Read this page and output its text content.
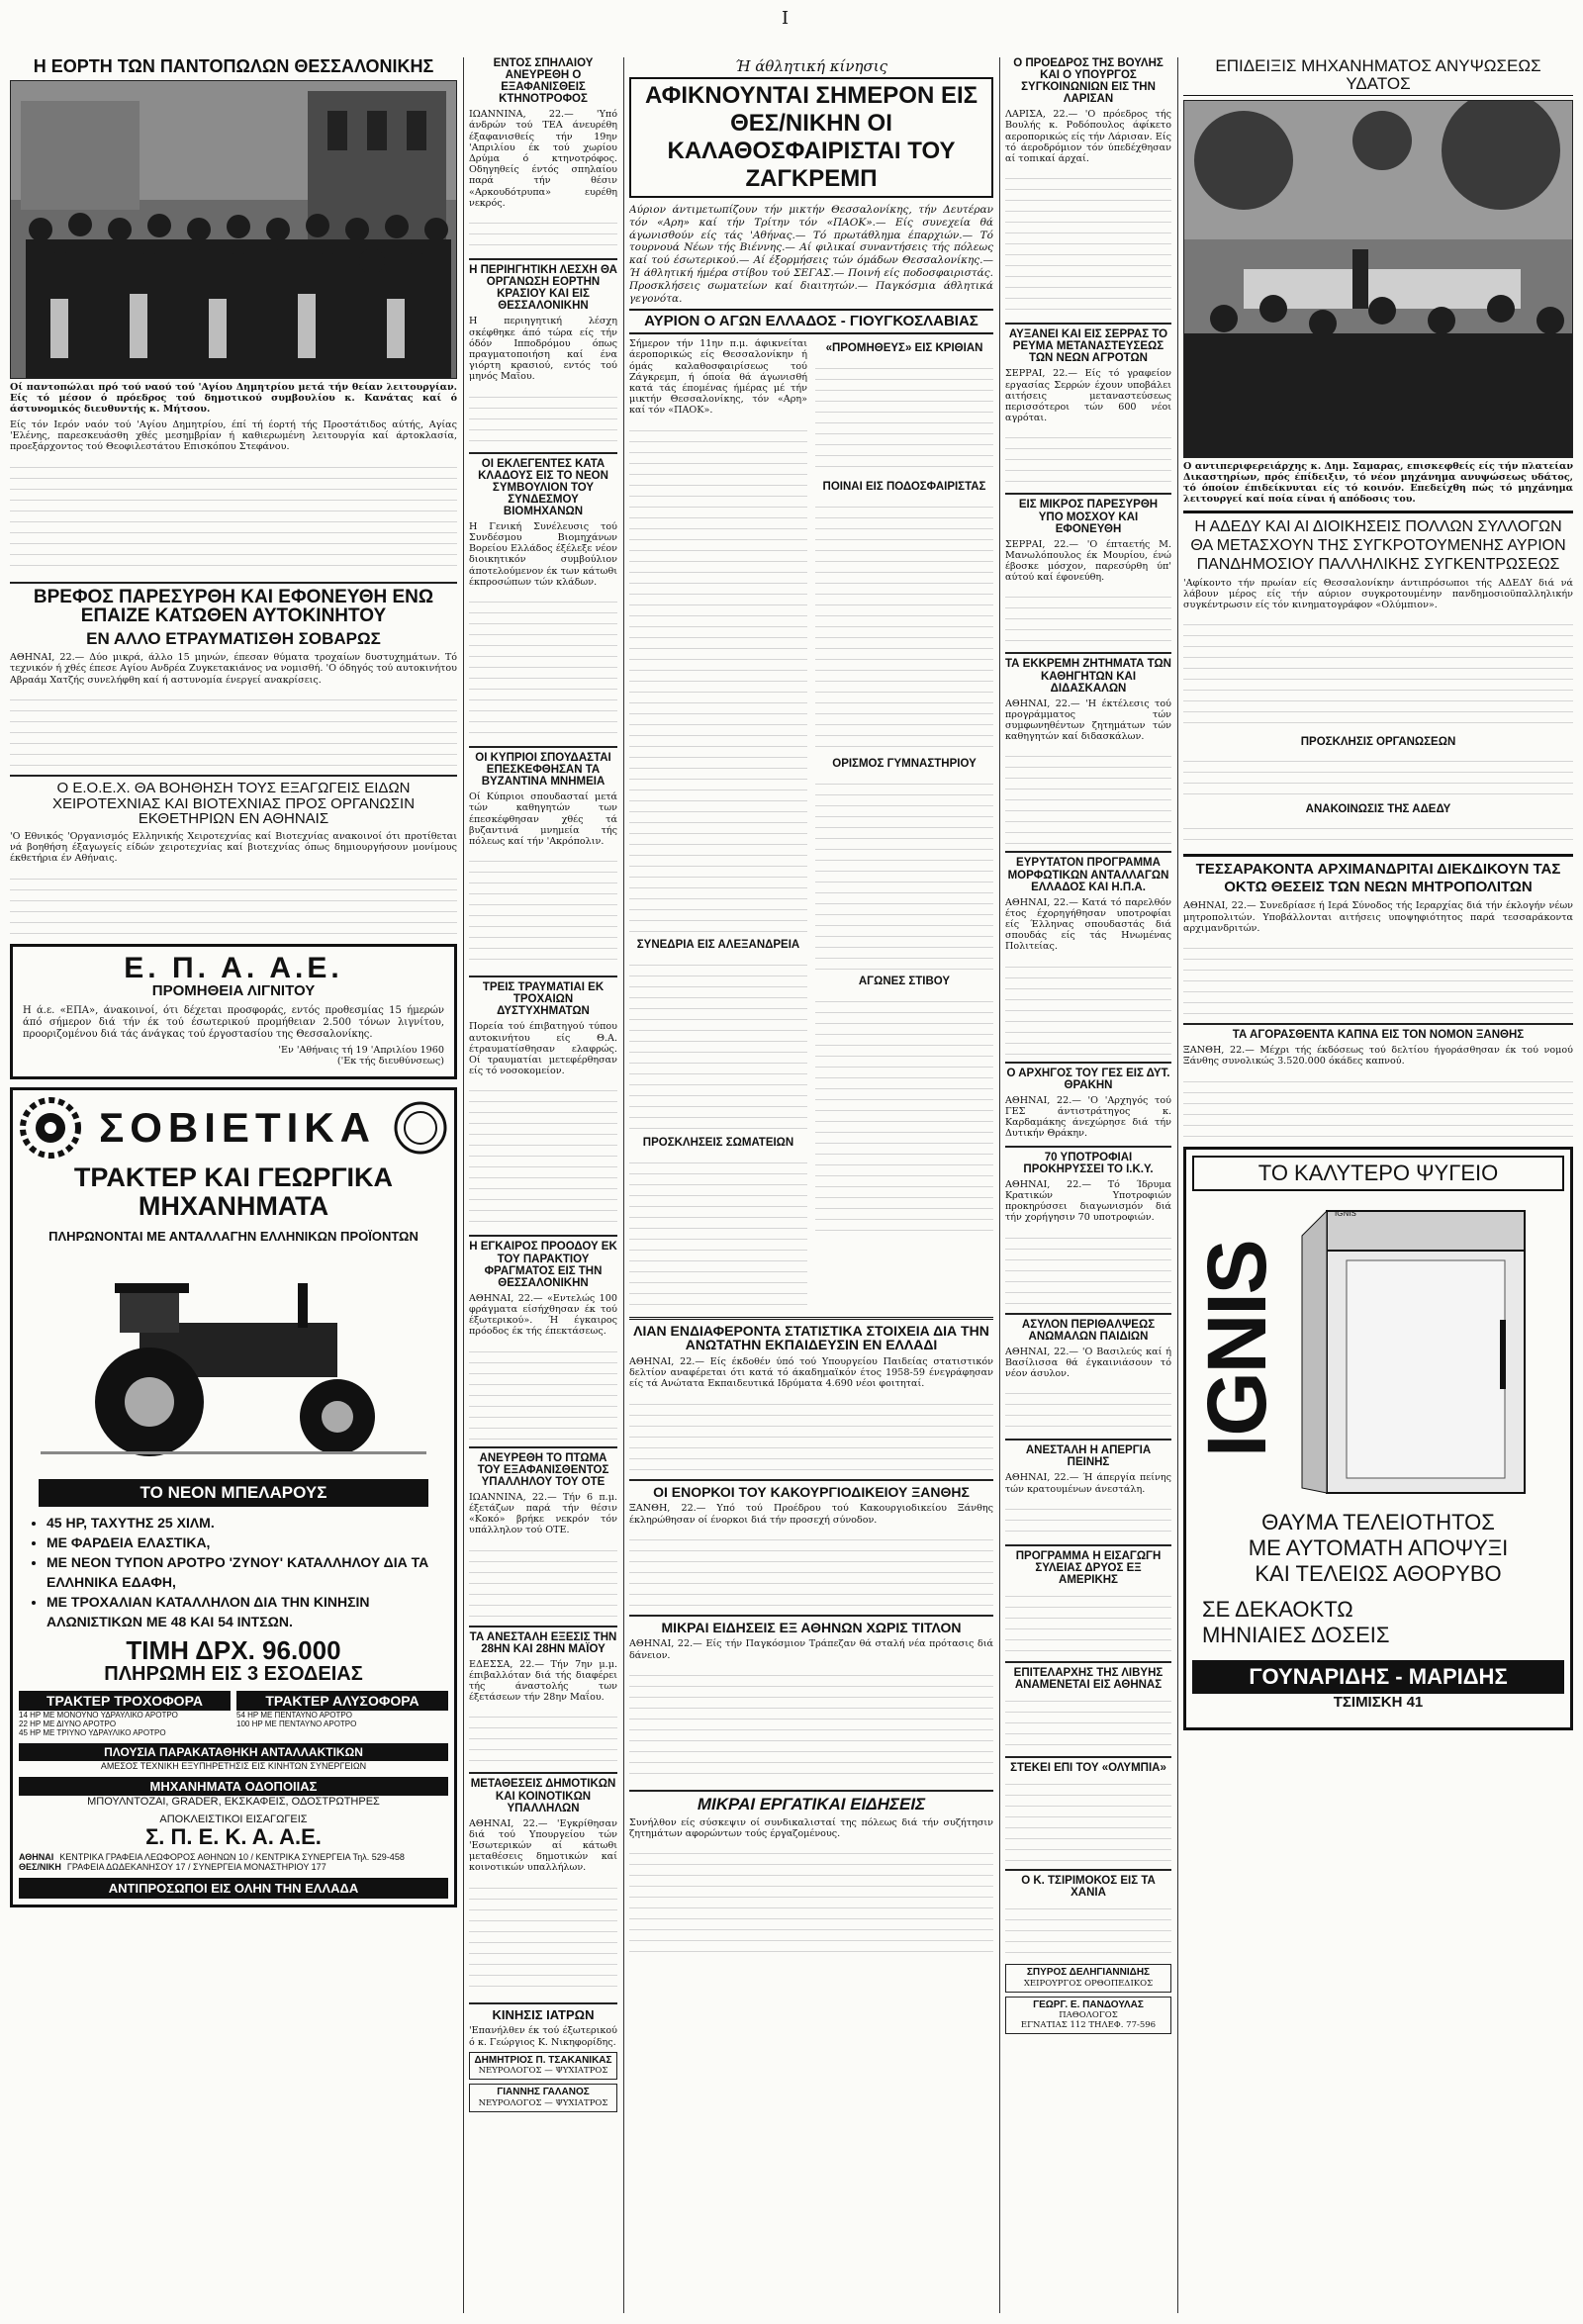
I
Η ΕΟΡΤΗ ΤΩΝ ΠΑΝΤΟΠΩΛΩΝ ΘΕΣΣΑΛΟΝΙΚΗΣ
Οί παντοπώλαι πρό τού ναού τού 'Αγίου Δημητρίου μετά τήν θείαν λειτουργίαν. Είς τό μέσον ό πρόεδρος τού δημοτικού συμβουλίου κ. Κανάτας καί ό άστυνομικός διευθυντής κ. Μήτσου.

Είς τόν Ιερόν ναόν τού 'Αγίου Δημητρίου, έπί τή έορτή τής Προστάτιδος αύτής, Αγίας 'Ελένης, παρεσκευάσθη χθές μεσημβρίαν ή καθιερωμένη λειτουργία καί άρτοκλασία, προεξάρχοντος τού Θεοφιλεστάτου Επισκόπου Στεφάνου.

ΒΡΕΦΟΣ ΠΑΡΕΣΥΡΘΗ ΚΑΙ ΕΦΟΝΕΥΘΗ ΕΝΩ ΕΠΑΙΖΕ ΚΑΤΩΘΕΝ ΑΥΤΟΚΙΝΗΤΟΥ
ΕΝ ΑΛΛΟ ΕΤΡΑΥΜΑΤΙΣΘΗ ΣΟΒΑΡΩΣ

ΑΘΗΝΑΙ, 22.— Δύο μικρά, άλλο 15 μηνών, έπεσαν θύματα τροχαίων δυστυχημάτων. Τό τεχνικόν ή χθές έπεσε Αγίου Ανδρέα Ζυγκετακιάνος να νομισθή. 'Ο όδηγός τού αυτοκινήτου Αβραάμ Χατζής συνελήφθη καί ή αστυνομία ένεργεί ανακρίσεις.

Ο Ε.Ο.Ε.Χ. ΘΑ ΒΟΗΘΗΣΗ ΤΟΥΣ ΕΞΑΓΩΓΕΙΣ ΕΙΔΩΝ ΧΕΙΡΟΤΕΧΝΙΑΣ ΚΑΙ ΒΙΟΤΕΧΝΙΑΣ ΠΡΟΣ ΟΡΓΑΝΩΣΙΝ ΕΚΘΕΤΗΡΙΩΝ ΕΝ ΑΘΗΝΑΙΣ

'Ο Εθνικός 'Οργανισμός Ελληνικής Χειροτεχνίας καί Βιοτεχνίας ανακοινοί ότι προτίθεται νά βοηθήση έξαγωγείς είδών χειροτεχνίας καί βιοτεχνίας όπως δημιουργήσουν μονίμους έκθετήρια έν Αθήναις.

Ε. Π. Α. Α.Ε.
ΠΡΟΜΗΘΕΙΑ ΛΙΓΝΙΤΟΥ

Η ά.ε. «ΕΠΑ», άνακοινοί, ότι δέχεται προσφοράς, εντός προθεσμίας 15 ήμερών άπό σήμερον διά τήν έκ τού έσωτερικού προμήθειαν 2.500 τόνων λιγνίτου, προοριζομένου διά τάς άνάγκας τού έργοστασίου της Θεσσαλονίκης.

'Εν 'Αθήναις τή 19 'Απριλίου 1960

('Εκ τής διευθύνσεως)

ΣΟΒΙΕΤΙΚΑ
ΤΡΑΚΤΕΡ ΚΑΙ ΓΕΩΡΓΙΚΑ ΜΗΧΑΝΗΜΑΤΑ
ΠΛΗΡΩΝΟΝΤΑΙ ΜΕ ΑΝΤΑΛΛΑΓΗΝ ΕΛΛΗΝΙΚΩΝ ΠΡΟΪΟΝΤΩΝ
ΤΟ ΝΕΟΝ ΜΠΕΛΑΡΟΥΣ
• 45 ΗΡ, ΤΑΧΥΤΗΣ 25 ΧΙΛΜ.
• ΜΕ ΦΑΡΔΕΙΑ ΕΛΑΣΤΙΚΑ,
• ΜΕ ΝΕΟΝ ΤΥΠΟΝ ΑΡΟΤΡΟ 'ΖΥΝΟΥ' ΚΑΤΑΛΛΗΛΟΥ ΔΙΑ ΤΑ ΕΛΛΗΝΙΚΑ ΕΔΑΦΗ,
• ΜΕ ΤΡΟΧΑΛΙΑΝ ΚΑΤΑΛΛΗΛΟΝ ΔΙΑ ΤΗΝ ΚΙΝΗΣΙΝ ΑΛΩΝΙΣΤΙΚΩΝ ΜΕ 48 ΚΑΙ 54 ΙΝΤΣΩΝ.
ΤΙΜΗ ΔΡΧ. 96.000
ΠΛΗΡΩΜΗ ΕΙΣ 3 ΕΣΟΔΕΙΑΣ
ΤΡΑΚΤΕΡ ΤΡΟΧΟΦΟΡΑ
14 ΗΡ ΜΕ ΜΟΝΟΥΝΟ ΥΔΡΑΥΛΙΚΟ ΑΡΟΤΡΟ
22 ΗΡ ΜΕ ΔΙΥΝΟ ΑΡΟΤΡΟ
45 ΗΡ ΜΕ ΤΡΙΥΝΟ ΥΔΡΑΥΛΙΚΟ ΑΡΟΤΡΟ
ΤΡΑΚΤΕΡ ΑΛΥΣΟΦΟΡΑ
54 ΗΡ ΜΕ ΠΕΝΤΑΥΝΟ ΑΡΟΤΡΟ
100 ΗΡ ΜΕ ΠΕΝΤΑΥΝΟ ΑΡΟΤΡΟ
ΠΛΟΥΣΙΑ ΠΑΡΑΚΑΤΑΘΗΚΗ ΑΝΤΑΛΛΑΚΤΙΚΩΝ
ΑΜΕΣΟΣ ΤΕΧΝΙΚΗ ΕΞΥΠΗΡΕΤΗΣΙΣ ΕΙΣ ΚΙΝΗΤΩΝ ΣΥΝΕΡΓΕΙΩΝ
ΜΗΧΑΝΗΜΑΤΑ ΟΔΟΠΟΙΙΑΣ
ΜΠΟΥΛΝΤΟΖΑΙ, GRADER, ΕΚΣΚΑΦΕΙΣ, ΟΔΟΣΤΡΩΤΗΡΕΣ
ΑΠΟΚΛΕΙΣΤΙΚΟΙ ΕΙΣΑΓΩΓΕΙΣ
Σ. Π. Ε. Κ. Α. Α.Ε.
ΑΘΗΝΑΙ ΚΕΝΤΡΙΚΑ ΓΡΑΦΕΙΑ ΛΕΩΦΟΡΟΣ ΑΘΗΝΩΝ 10 / ΚΕΝΤΡΙΚΑ ΣΥΝΕΡΓΕΙΑ Τηλ. 529-458
ΘΕΣ/ΝΙΚΗ ΓΡΑΦΕΙΑ ΔΩΔΕΚΑΝΗΣΟΥ 17 / ΣΥΝΕΡΓΕΙΑ ΜΟΝΑΣΤΗΡΙΟΥ 177
ΑΝΤΙΠΡΟΣΩΠΟΙ ΕΙΣ ΟΛΗΝ ΤΗΝ ΕΛΛΑΔΑ
ΕΝΤΟΣ ΣΠΗΛΑΙΟΥ ΑΝΕΥΡΕΘΗ Ο ΕΞΑΦΑΝΙΣΘΕΙΣ ΚΤΗΝΟΤΡΟΦΟΣ

ΙΩΑΝΝΙΝΑ, 22.— 'Υπό άνδρών τού ΤΕΑ άνευρέθη έξαφανισθείς τήν 19ην 'Απριλίου έκ τού χωρίου Δρύμα ό κτηνοτρόφος. Οδηγηθείς έντός σπηλαίου παρά τήν θέσιν «Αρκουδότρυπα» ευρέθη νεκρός.

Η ΠΕΡΙΗΓΗΤΙΚΗ ΛΕΣΧΗ ΘΑ ΟΡΓΑΝΩΣΗ ΕΟΡΤΗΝ ΚΡΑΣΙΟΥ ΚΑΙ ΕΙΣ ΘΕΣΣΑΛΟΝΙΚΗΝ

Η περιηγητική λέσχη σκέφθηκε άπό τώρα είς τήν όδόν Ιπποδρόμου όπως πραγματοποιήση καί ένα γιόρτη κρασιού, εντός τού μηνός Μαΐου.

ΟΙ ΕΚΛΕΓΕΝΤΕΣ ΚΑΤΑ ΚΛΑΔΟΥΣ ΕΙΣ ΤΟ ΝΕΟΝ ΣΥΜΒΟΥΛΙΟΝ ΤΟΥ ΣΥΝΔΕΣΜΟΥ ΒΙΟΜΗΧΑΝΩΝ

Η Γενική Συνέλευσις τού Συνδέσμου Βιομηχάνων Βορείου Ελλάδος έξέλεξε νέον διοικητικόν συμβούλιον άποτελούμενον έκ των κάτωθι έκπροσώπων τών κλάδων.

ΟΙ ΚΥΠΡΙΟΙ ΣΠΟΥΔΑΣΤΑΙ ΕΠΕΣΚΕΦΘΗΣΑΝ ΤΑ ΒΥΖΑΝΤΙΝΑ ΜΝΗΜΕΙΑ

Οί Κύπριοι σπουδασταί μετά τών καθηγητών των έπεσκέφθησαν χθές τά βυζαντινά μνημεία τής πόλεως καί τήν 'Ακρόπολιν.

ΤΡΕΙΣ ΤΡΑΥΜΑΤΙΑΙ ΕΚ ΤΡΟΧΑΙΩΝ ΔΥΣΤΥΧΗΜΑΤΩΝ

Πορεία τού έπιβατηγού τύπου αυτοκινήτου είς Θ.Α. έτραυματίσθησαν ελαφρώς. Οί τραυματίαι μετεφέρθησαν είς τό νοσοκομείον.

Η ΕΓΚΑΙΡΟΣ ΠΡΟΟΔΟΥ ΕΚ ΤΟΥ ΠΑΡΑΚΤΙΟΥ ΦΡΑΓΜΑΤΟΣ ΕΙΣ ΤΗΝ ΘΕΣΣΑΛΟΝΙΚΗΝ

ΑΘΗΝΑΙ, 22.— «Εντελώς 100 φράγματα είσήχθησαν έκ τού έξωτερικού». Ή έγκαιρος πρόοδος έκ τής έπεκτάσεως.

ΑΝΕΥΡΕΘΗ ΤΟ ΠΤΩΜΑ ΤΟΥ ΕΞΑΦΑΝΙΣΘΕΝΤΟΣ ΥΠΑΛΛΗΛΟΥ ΤΟΥ ΟΤΕ

ΙΩΑΝΝΙΝΑ, 22.— Τήν 6 π.μ. έξετάζων παρά τήν θέσιν «Κοκό» βρήκε νεκρόν τόν υπάλληλον τού ΟΤΕ.

ΤΑ ΑΝΕΣΤΑΛΗ ΕΞΕΣΙΣ ΤΗΝ 28ΗΝ ΚΑΙ 28ΗΝ ΜΑΪΟΥ

ΕΔΕΣΣΑ, 22.— Τήν 7ην μ.μ. έπιβαλλόταν διά τής διαφέρει τής άναστολής των έξετάσεων τήν 28ην Μαΐου.

ΜΕΤΑΘΕΣΕΙΣ ΔΗΜΟΤΙΚΩΝ ΚΑΙ ΚΟΙΝΟΤΙΚΩΝ ΥΠΑΛΛΗΛΩΝ

ΑΘΗΝΑΙ, 22.— 'Εγκρίθησαν διά τού Υπουργείου τών 'Εσωτερικών αί κάτωθι μεταθέσεις δημοτικών καί κοινοτικών υπαλλήλων.

ΚΙΝΗΣΙΣ ΙΑΤΡΩΝ

'Επανήλθεν έκ τού έξωτερικού ό κ. Γεώργιος Κ. Νικηφορίδης.

ΔΗΜΗΤΡΙΟΣ Π. ΤΣΑΚΑΝΙΚΑΣ
ΝΕΥΡΟΛΟΓΟΣ — ΨΥΧΙΑΤΡΟΣ
ΓΙΑΝΝΗΣ ΓΑΛΑΝΟΣ
ΝΕΥΡΟΛΟΓΟΣ — ΨΥΧΙΑΤΡΟΣ
Ή άθλητική κίνησις
ΑΦΙΚΝΟΥΝΤΑΙ ΣΗΜΕΡΟΝ ΕΙΣ ΘΕΣ/ΝΙΚΗΝ ΟΙ ΚΑΛΑΘΟΣΦΑΙΡΙΣΤΑΙ ΤΟΥ ΖΑΓΚΡΕΜΠ

Αύριον άντιμετωπίζουν τήν μικτήν Θεσσαλονίκης, τήν Δευτέραν τόν «Αρη» καί τήν Τρίτην τόν «ΠΑΟΚ».— Είς συνεχεία θά άγωνισθούν είς τάς 'Αθήνας.— Τό πρωτάθλημα έπαρχιών.— Τό τουρνουά Νέων τής Βιέννης.— Αί φιλικαί συναντήσεις τής πόλεως καί τού έσωτερικού.— Αί έξορμήσεις τών όμάδων Θεσσαλονίκης.— Ή άθλητική ήμέρα στίβου τού ΣΕΓΑΣ.— Ποινή είς ποδοσφαιριστάς. Προσκλήσεις σωματείων καί διαιτητών.— Παγκόσμια άθλητικά γεγονότα.

ΑΥΡΙΟΝ Ο ΑΓΩΝ ΕΛΛΑΔΟΣ - ΓΙΟΥΓΚΟΣΛΑΒΙΑΣ

Σήμερον τήν 11ην π.μ. άφικνείται άεροπορικώς είς Θεσσαλονίκην ή όμάς καλαθοσφαιρίσεως τού Ζάγκρεμπ, ή όποία θά άγωνισθή κατά τάς έπομένας ήμέρας μέ τήν μικτήν Θεσσαλονίκης, τόν «Αρη» καί τόν «ΠΑΟΚ».

ΣΥΝΕΔΡΙΑ ΕΙΣ ΑΛΕΞΑΝΔΡΕΙΑ
ΠΡΟΣΚΛΗΣΕΙΣ ΣΩΜΑΤΕΙΩΝ
«ΠΡΟΜΗΘΕΥΣ» ΕΙΣ ΚΡΙΘΙΑΝ
ΠΟΙΝΑΙ ΕΙΣ ΠΟΔΟΣΦΑΙΡΙΣΤΑΣ
ΟΡΙΣΜΟΣ ΓΥΜΝΑΣΤΗΡΙΟΥ
ΑΓΩΝΕΣ ΣΤΙΒΟΥ
ΛΙΑΝ ΕΝΔΙΑΦΕΡΟΝΤΑ ΣΤΑΤΙΣΤΙΚΑ ΣΤΟΙΧΕΙΑ ΔΙΑ ΤΗΝ ΑΝΩΤΑΤΗΝ ΕΚΠΑΙΔΕΥΣΙΝ ΕΝ ΕΛΛΑΔΙ

ΑΘΗΝΑΙ, 22.— Είς έκδοθέν ύπό τού Υπουργείου Παιδείας στατιστικόν δελτίον αναφέρεται ότι κατά τό άκαδημαϊκόν έτος 1958-59 ένεγράφησαν είς τά Ανώτατα Εκπαιδευτικά Ιδρύματα 4.690 νέοι φοιτηταί.

ΟΙ ΕΝΟΡΚΟΙ ΤΟΥ ΚΑΚΟΥΡΓΙΟΔΙΚΕΙΟΥ ΞΑΝΘΗΣ

ΞΑΝΘΗ, 22.— Υπό τού Προέδρου τού Κακουργιοδικείου Ξάνθης έκληρώθησαν οί ένορκοι διά τήν προσεχή σύνοδον.

ΜΙΚΡΑΙ ΕΙΔΗΣΕΙΣ ΕΞ ΑΘΗΝΩΝ ΧΩΡΙΣ ΤΙΤΛΟΝ

ΑΘΗΝΑΙ, 22.— Είς τήν Παγκόσμιον Τράπεζαν θά σταλή νέα πρότασις διά δάνειον.

ΜΙΚΡΑΙ ΕΡΓΑΤΙΚΑΙ ΕΙΔΗΣΕΙΣ

Συνήλθον είς σύσκεψιν οί συνδικαλισταί της πόλεως διά τήν συζήτησιν ζητημάτων αφορώντων τούς έργαζομένους.

Ο ΠΡΟΕΔΡΟΣ ΤΗΣ ΒΟΥΛΗΣ ΚΑΙ Ο ΥΠΟΥΡΓΟΣ ΣΥΓΚΟΙΝΩΝΙΩΝ ΕΙΣ ΤΗΝ ΛΑΡΙΣΑΝ

ΛΑΡΙΣΑ, 22.— 'Ο πρόεδρος τής Βουλής κ. Ροδόπουλος άφίκετο αεροπορικώς είς τήν Λάρισαν. Είς τό άεροδρόμιον τόν ύπεδέχθησαν αί τοπικαί άρχαί.

ΑΥΞΑΝΕΙ ΚΑΙ ΕΙΣ ΣΕΡΡΑΣ ΤΟ ΡΕΥΜΑ ΜΕΤΑΝΑΣΤΕΥΣΕΩΣ ΤΩΝ ΝΕΩΝ ΑΓΡΟΤΩΝ

ΣΕΡΡΑΙ, 22.— Είς τό γραφείον εργασίας Σερρών έχουν υποβάλει αιτήσεις μεταναστεύσεως περισσότεροι τών 600 νέοι αγρόται.

ΕΙΣ ΜΙΚΡΟΣ ΠΑΡΕΣΥΡΘΗ ΥΠΟ ΜΟΣΧΟΥ ΚΑΙ ΕΦΟΝΕΥΘΗ

ΣΕΡΡΑΙ, 22.— 'Ο έπταετής Μ. Μανωλόπουλος έκ Μουρίου, ένώ έβοσκε μόσχον, παρεσύρθη ύπ' αύτού καί έφονεύθη.

ΤΑ ΕΚΚΡΕΜΗ ΖΗΤΗΜΑΤΑ ΤΩΝ ΚΑΘΗΓΗΤΩΝ ΚΑΙ ΔΙΔΑΣΚΑΛΩΝ

ΑΘΗΝΑΙ, 22.— 'Η έκτέλεσις τού προγράμματος τών συμφωνηθέντων ζητημάτων τών καθηγητών καί διδασκάλων.

ΕΥΡΥΤΑΤΟΝ ΠΡΟΓΡΑΜΜΑ ΜΟΡΦΩΤΙΚΩΝ ΑΝΤΑΛΛΑΓΩΝ ΕΛΛΑΔΟΣ ΚΑΙ Η.Π.Α.

ΑΘΗΝΑΙ, 22.— Κατά τό παρελθόν έτος έχορηγήθησαν υποτροφίαι είς Έλληνας σπουδαστάς διά σπουδάς είς τάς Ηνωμένας Πολιτείας.

Ο ΑΡΧΗΓΟΣ ΤΟΥ ΓΕΣ ΕΙΣ ΔΥΤ. ΘΡΑΚΗΝ

ΑΘΗΝΑΙ, 22.— 'Ο 'Αρχηγός τού ΓΕΣ άντιστράτηγος κ. Καρδαμάκης άνεχώρησε διά τήν Δυτικήν Θράκην.

70 ΥΠΟΤΡΟΦΙΑΙ ΠΡΟΚΗΡΥΣΣΕΙ ΤΟ Ι.Κ.Υ.

ΑΘΗΝΑΙ, 22.— Τό Ίδρυμα Κρατικών Υποτροφιών προκηρύσσει διαγωνισμόν διά τήν χορήγησιν 70 υποτροφιών.

ΑΣΥΛΟΝ ΠΕΡΙΘΑΛΨΕΩΣ ΑΝΩΜΑΛΩΝ ΠΑΙΔΙΩΝ

ΑΘΗΝΑΙ, 22.— 'Ο Βασιλεύς καί ή Βασίλισσα θά έγκαινιάσουν τό νέον άσυλον.

ΑΝΕΣΤΑΛΗ Η ΑΠΕΡΓΙΑ ΠΕΙΝΗΣ

ΑΘΗΝΑΙ, 22.— Ή άπεργία πείνης τών κρατουμένων άνεστάλη.

ΠΡΟΓΡΑΜΜΑ Η ΕΙΣΑΓΩΓΗ ΣΥΛΕΙΑΣ ΔΡΥΟΣ ΕΞ ΑΜΕΡΙΚΗΣ
ΕΠΙΤΕΛΑΡΧΗΣ ΤΗΣ ΛΙΒΥΗΣ ΑΝΑΜΕΝΕΤΑΙ ΕΙΣ ΑΘΗΝΑΣ
ΣΤΕΚΕΙ ΕΠΙ ΤΟΥ «ΟΛΥΜΠΙΑ»
Ο Κ. ΤΣΙΡΙΜΟΚΟΣ ΕΙΣ ΤΑ ΧΑΝΙΑ
ΣΠΥΡΟΣ ΔΕΛΗΓΙΑΝΝΙΔΗΣ
ΧΕΙΡΟΥΡΓΟΣ ΟΡΘΟΠΕΔΙΚΟΣ
ΓΕΩΡΓ. Ε. ΠΑΝΔΟΥΛΑΣ
ΠΑΘΟΛΟΓΟΣ
ΕΓΝΑΤΙΑΣ 112 ΤΗΛΕΦ. 77-596
ΕΠΙΔΕΙΞΙΣ ΜΗΧΑΝΗΜΑΤΟΣ ΑΝΥΨΩΣΕΩΣ ΥΔΑΤΟΣ
Ο αντιπεριφερειάρχης κ. Δημ. Σαμαρας, επισκεφθείς είς τήν πλατείαν Δικαστηρίων, πρός έπίδειξιν, τό νέον μηχάνημα ανυψώσεως υδάτος, τό όποίον έπιδείκνυται είς τό κοινόν. Επεδείχθη πώς τό μηχάνημα λειτουργεί καί ποία είναι ή απόδοσις του.
Η ΑΔΕΔΥ ΚΑΙ ΑΙ ΔΙΟΙΚΗΣΕΙΣ ΠΟΛΛΩΝ ΣΥΛΛΟΓΩΝ ΘΑ ΜΕΤΑΣΧΟΥΝ ΤΗΣ ΣΥΓΚΡΟΤΟΥΜΕΝΗΣ ΑΥΡΙΟΝ ΠΑΝΔΗΜΟΣΙΟΥ ΠΑΛΛΗΛΙΚΗΣ ΣΥΓΚΕΝΤΡΩΣΕΩΣ

'Αφίκοντο τήν πρωίαν είς Θεσσαλονίκην άντιπρόσωποι τής ΑΔΕΔΥ διά νά λάβουν μέρος είς τήν αύριον συγκροτουμένην πανδημοσιοϋπαλληλικήν συγκέντρωσιν είς τόν κινηματογράφον «Ολύμπιον».

ΠΡΟΣΚΛΗΣΙΣ ΟΡΓΑΝΩΣΕΩΝ
ΑΝΑΚΟΙΝΩΣΙΣ ΤΗΣ ΑΔΕΔΥ
ΤΕΣΣΑΡΑΚΟΝΤΑ ΑΡΧΙΜΑΝΔΡΙΤΑΙ ΔΙΕΚΔΙΚΟΥΝ ΤΑΣ ΟΚΤΩ ΘΕΣΕΙΣ ΤΩΝ ΝΕΩΝ ΜΗΤΡΟΠΟΛΙΤΩΝ

ΑΘΗΝΑΙ, 22.— Συνεδρίασε ή Ιερά Σύνοδος τής Ιεραρχίας διά τήν έκλογήν νέων μητροπολιτών. Υποβάλλονται αιτήσεις υποψηφιότητος παρά τεσσαράκοντα αρχιμανδριτών.

ΤΑ ΑΓΟΡΑΣΘΕΝΤΑ ΚΑΠΝΑ ΕΙΣ ΤΟΝ ΝΟΜΟΝ ΞΑΝΘΗΣ

ΞΑΝΘΗ, 22.— Μέχρι τής έκδόσεως τού δελτίου ήγοράσθησαν έκ τού νομού Ξάνθης συνολικώς 3.520.000 όκάδες καπνού.

ΤΟ ΚΑΛΥΤΕΡΟ ΨΥΓΕΙΟ
IGNIS
IGNIS
ΘΑΥΜΑ ΤΕΛΕΙΟΤΗΤΟΣ
ΜΕ ΑΥΤΟΜΑΤΗ ΑΠΟΨΥΞΙ
ΚΑΙ ΤΕΛΕΙΩΣ ΑΘΟΡΥΒΟ
ΣΕ ΔΕΚΑΟΚΤΩ
ΜΗΝΙΑΙΕΣ ΔΟΣΕΙΣ
ΓΟΥΝΑΡΙΔΗΣ - ΜΑΡΙΔΗΣ
ΤΣΙΜΙΣΚΗ 41
